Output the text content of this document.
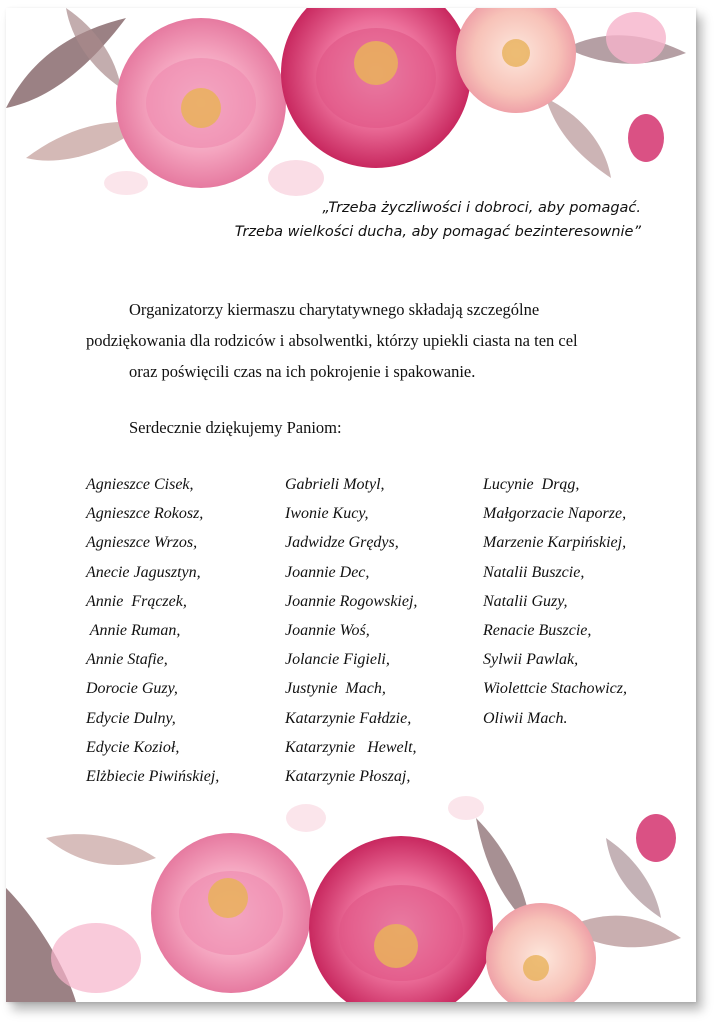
„Trzeba życzliwości i dobroci, aby pomagać.
Trzeba wielkości ducha, aby pomagać bezinteresownie”
Organizatorzy kiermaszu charytatywnego składają szczególne
podziękowania dla rodziców i absolwentki, którzy upiekli ciasta na ten cel
oraz poświęcili czas na ich pokrojenie i spakowanie.
Serdecznie dziękujemy Paniom:
Agnieszce Cisek,
Agnieszce Rokosz,
Agnieszce Wrzos,
Anecie Jagusztyn,
Annie  Frączek,
Annie Ruman,
Annie Stafie,
Dorocie Guzy,
Edycie Dulny,
Edycie Kozioł,
Elżbiecie Piwińskiej,
Gabrieli Motyl,
Iwonie Kucy,
Jadwidze Grędys,
Joannie Dec,
Joannie Rogowskiej,
Joannie Woś,
Jolancie Figieli,
Justynie  Mach,
Katarzynie Fałdzie,
Katarzynie   Hewelt,
Katarzynie Płoszaj,
Lucynie  Drąg,
Małgorzacie Naporze,
Marzenie Karpińskiej,
Natalii Buszcie,
Natalii Guzy,
Renacie Buszcie,
Sylwii Pawlak,
Wiolettcie Stachowicz,
Oliwii Mach.
